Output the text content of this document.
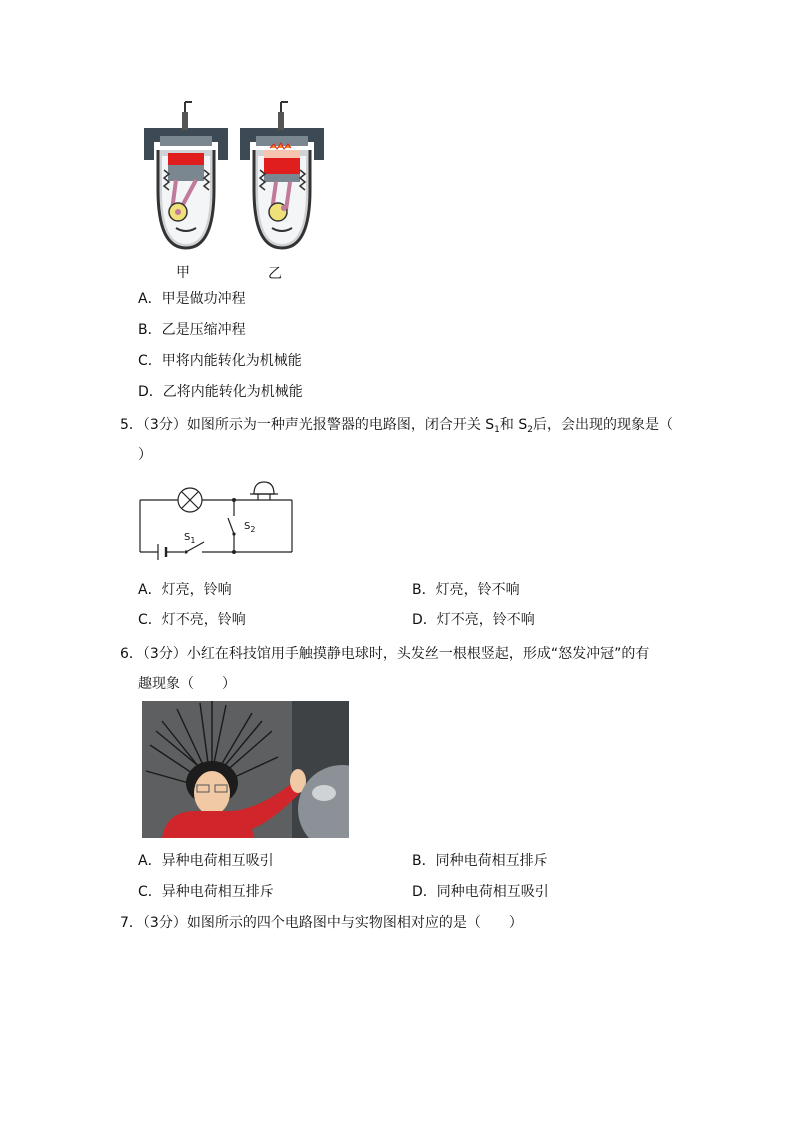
甲	乙
A．甲是做功冲程
B．乙是压缩冲程
C．甲将内能转化为机械能
D．乙将内能转化为机械能
5．（3分）如图所示为一种声光报警器的电路图，闭合开关 $S_1$和 $S_2$后，会出现的现象是（
）
$S_1$
$S_2$
A．灯亮，铃响	B．灯亮，铃不响
C．灯不亮，铃响	D．灯不亮，铃不响
6．（3分）小红在科技馆用手触摸静电球时，头发丝一根根竖起，形成“怒发冲冠”的有
趣现象（　　）
A．异种电荷相互吸引	B．同种电荷相互排斥
C．异种电荷相互排斥	D．同种电荷相互吸引
7．（3分）如图所示的四个电路图中与实物图相对应的是（　　）
